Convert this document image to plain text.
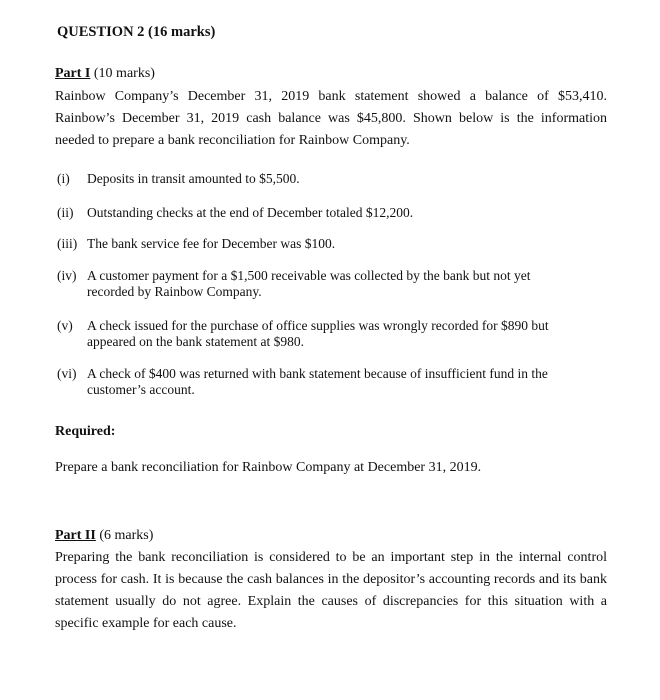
QUESTION 2 (16 marks)
Part I (10 marks)
Rainbow Company’s December 31, 2019 bank statement showed a balance of $53,410. Rainbow’s December 31, 2019 cash balance was $45,800. Shown below is the information needed to prepare a bank reconciliation for Rainbow Company.
(i) Deposits in transit amounted to $5,500.
(ii) Outstanding checks at the end of December totaled $12,200.
(iii) The bank service fee for December was $100.
(iv) A customer payment for a $1,500 receivable was collected by the bank but not yet recorded by Rainbow Company.
(v) A check issued for the purchase of office supplies was wrongly recorded for $890 but appeared on the bank statement at $980.
(vi) A check of $400 was returned with bank statement because of insufficient fund in the customer’s account.
Required:
Prepare a bank reconciliation for Rainbow Company at December 31, 2019.
Part II (6 marks)
Preparing the bank reconciliation is considered to be an important step in the internal control process for cash. It is because the cash balances in the depositor’s accounting records and its bank statement usually do not agree. Explain the causes of discrepancies for this situation with a specific example for each cause.
